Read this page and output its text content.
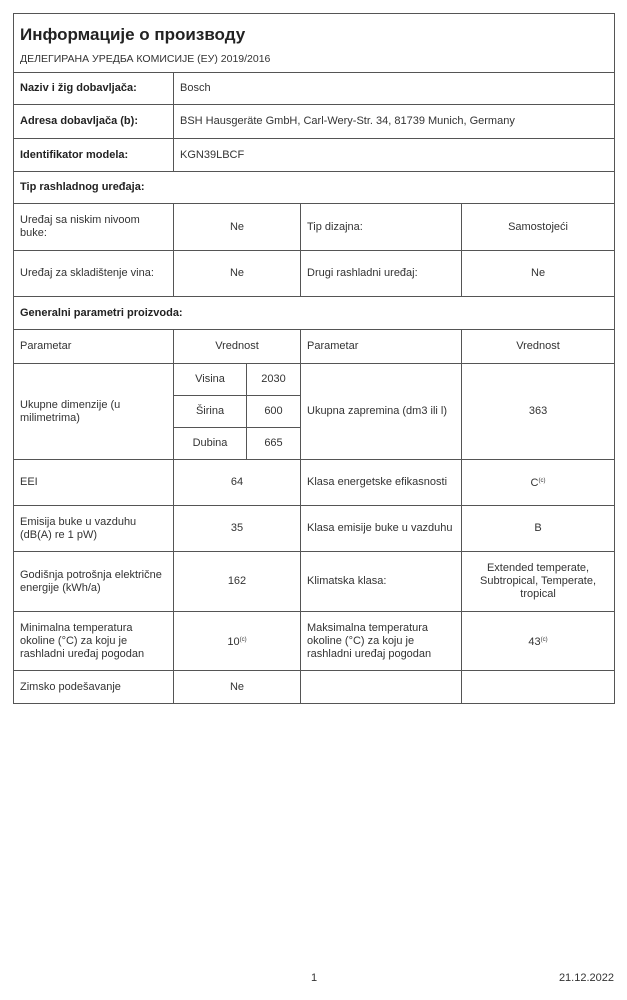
Информације о производу				
ДЕЛЕГИРАНА УРЕДБА КОМИСИЈЕ (ЕУ) 2019/2016				
Naziv i žig dobavljača:	Bosch			
Adresa dobavljača (b):	BSH Hausgeräte GmbH, Carl-Wery-Str. 34, 81739 Munich, Germany			
Identifikator modela:	KGN39LBCF			
Tip rashladnog uređaja:				
Uređaj sa niskim nivoom buke:	Ne		Tip dizajna:	Samostojeći
Uređaj za skladištenje vina:	Ne		Drugi rashladni uređaj:	Ne
Generalni parametri proizvoda:				
Parametar	Vrednost		Parametar	Vrednost
Ukupne dimenzije (u milimetrima)	Visina	2030	Ukupna zapremina (dm3 ili l)	363
	Širina	600		
	Dubina	665		
EEI	64		Klasa energetske efikasnosti	$C^{(c)}$
Emisija buke u vazduhu (dB(A) re 1 pW)	35		Klasa emisije buke u vazduhu	B
Godišnja potrošnja električne energije (kWh/a)	162		Klimatska klasa:	Extended temperate, Subtropical, Temperate, tropical
Minimalna temperatura okoline (°C) za koju je rashladni uređaj pogodan	10$^{(c)}$		Maksimalna temperatura okoline (°C) za koju je rashladni uređaj pogodan	43$^{(c)}$
Zimsko podešavanje	Ne			
1	21.12.2022
